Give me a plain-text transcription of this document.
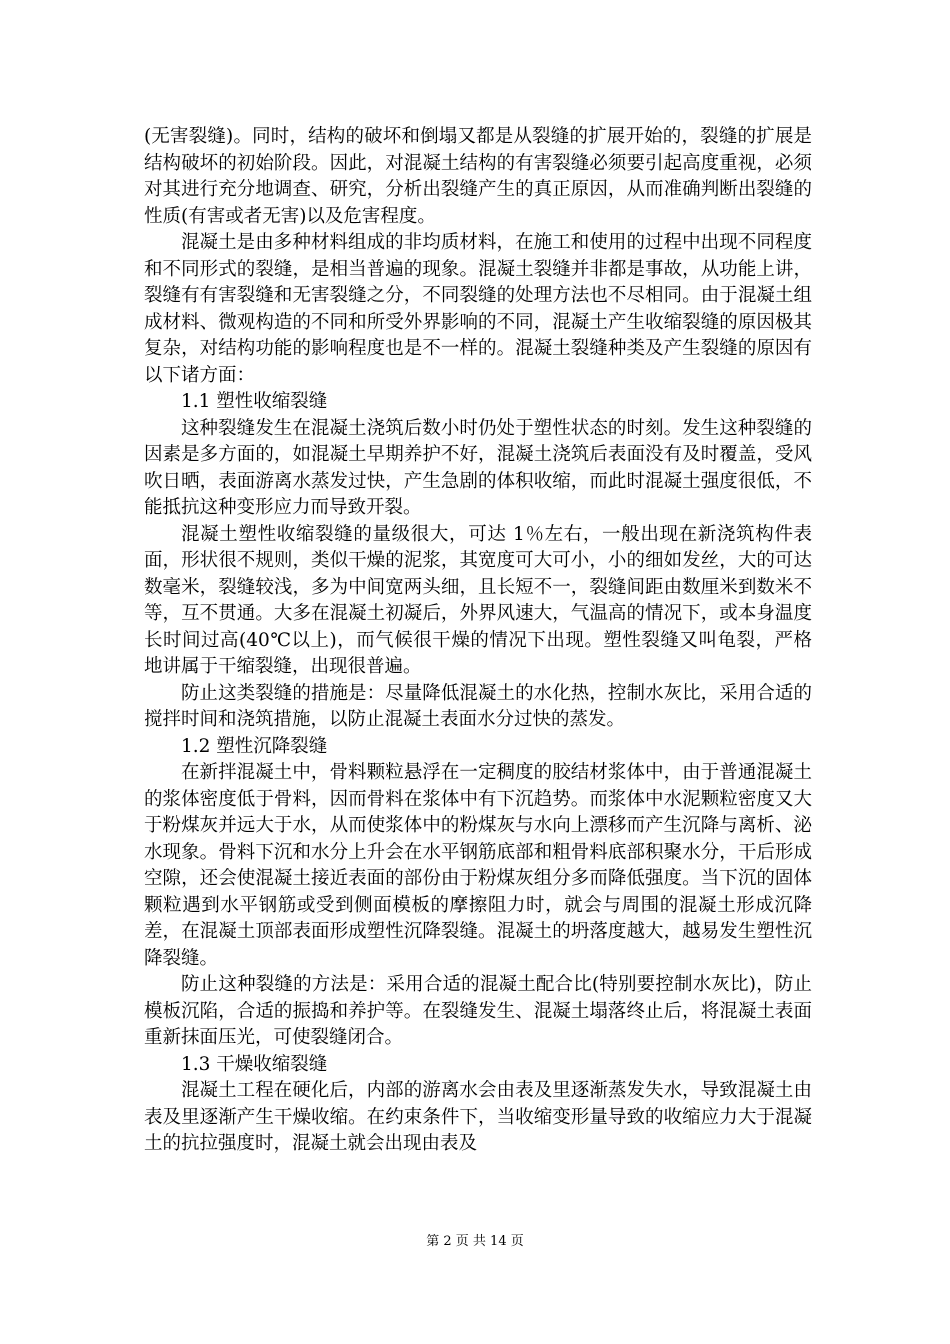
(无害裂缝)。同时，结构的破坏和倒塌又都是从裂缝的扩展开始的，裂缝的扩展是结构破坏的初始阶段。因此，对混凝土结构的有害裂缝必须要引起高度重视，必须对其进行充分地调查、研究，分析出裂缝产生的真正原因，从而准确判断出裂缝的性质(有害或者无害)以及危害程度。

混凝土是由多种材料组成的非均质材料，在施工和使用的过程中出现不同程度和不同形式的裂缝，是相当普遍的现象。混凝土裂缝并非都是事故，从功能上讲，裂缝有有害裂缝和无害裂缝之分，不同裂缝的处理方法也不尽相同。由于混凝土组成材料、微观构造的不同和所受外界影响的不同，混凝土产生收缩裂缝的原因极其复杂，对结构功能的影响程度也是不一样的。混凝土裂缝种类及产生裂缝的原因有以下诸方面：

1.1 塑性收缩裂缝

这种裂缝发生在混凝土浇筑后数小时仍处于塑性状态的时刻。发生这种裂缝的因素是多方面的，如混凝土早期养护不好，混凝土浇筑后表面没有及时覆盖，受风吹日晒，表面游离水蒸发过快，产生急剧的体积收缩，而此时混凝土强度很低，不能抵抗这种变形应力而导致开裂。

混凝土塑性收缩裂缝的量级很大，可达 1％左右，一般出现在新浇筑构件表面，形状很不规则，类似干燥的泥浆，其宽度可大可小，小的细如发丝，大的可达数毫米，裂缝较浅，多为中间宽两头细，且长短不一，裂缝间距由数厘米到数米不等，互不贯通。大多在混凝土初凝后，外界风速大，气温高的情况下，或本身温度长时间过高(40℃以上)，而气候很干燥的情况下出现。塑性裂缝又叫龟裂，严格地讲属于干缩裂缝，出现很普遍。

防止这类裂缝的措施是：尽量降低混凝土的水化热，控制水灰比，采用合适的搅拌时间和浇筑措施，以防止混凝土表面水分过快的蒸发。

1.2 塑性沉降裂缝

在新拌混凝土中，骨料颗粒悬浮在一定稠度的胶结材浆体中，由于普通混凝土的浆体密度低于骨料，因而骨料在浆体中有下沉趋势。而浆体中水泥颗粒密度又大于粉煤灰并远大于水，从而使浆体中的粉煤灰与水向上漂移而产生沉降与离析、泌水现象。骨料下沉和水分上升会在水平钢筋底部和粗骨料底部积聚水分，干后形成空隙，还会使混凝土接近表面的部份由于粉煤灰组分多而降低强度。当下沉的固体颗粒遇到水平钢筋或受到侧面模板的摩擦阻力时，就会与周围的混凝土形成沉降差，在混凝土顶部表面形成塑性沉降裂缝。混凝土的坍落度越大，越易发生塑性沉降裂缝。

防止这种裂缝的方法是：采用合适的混凝土配合比(特别要控制水灰比)，防止模板沉陷，合适的振捣和养护等。在裂缝发生、混凝土塌落终止后，将混凝土表面重新抹面压光，可使裂缝闭合。

1.3 干燥收缩裂缝

混凝土工程在硬化后，内部的游离水会由表及里逐渐蒸发失水，导致混凝土由表及里逐渐产生干燥收缩。在约束条件下，当收缩变形量导致的收缩应力大于混凝土的抗拉强度时，混凝土就会出现由表及

第 2 页 共 14 页
